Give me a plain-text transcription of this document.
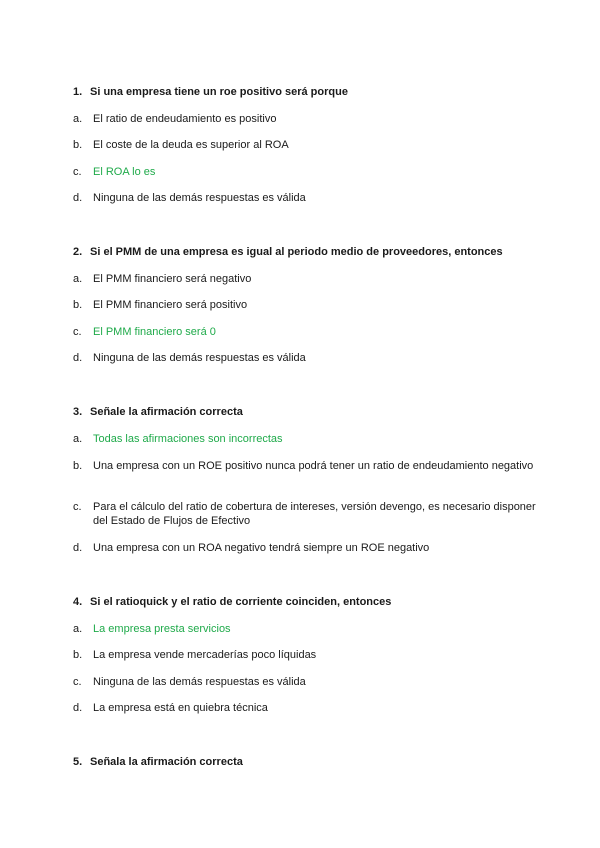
1. Si una empresa tiene un roe positivo será porque
a. El ratio de endeudamiento es positivo
b. El coste de la deuda es superior al ROA
c.	El ROA lo es
d. Ninguna de las demás respuestas es válida
2. Si el PMM de una empresa es igual al periodo medio de proveedores, entonces
a. El PMM financiero será negativo
b. El PMM financiero será positivo
c.	El PMM financiero será 0
d. Ninguna de las demás respuestas es válida
3. Señale la afirmación correcta
a. Todas las afirmaciones son incorrectas
b. Una empresa con un ROE positivo nunca podrá tener un ratio de endeudamiento negativo
c.	Para el cálculo del ratio de cobertura de intereses, versión devengo, es necesario disponer del Estado de Flujos de Efectivo
d. Una empresa con un ROA negativo tendrá siempre un ROE negativo
4. Si el ratioquick y el ratio de corriente coinciden, entonces
a. La empresa presta servicios
b. La empresa vende mercaderías poco líquidas
c.	Ninguna de las demás respuestas es válida
d. La empresa está en quiebra técnica
5. Señala la afirmación correcta
